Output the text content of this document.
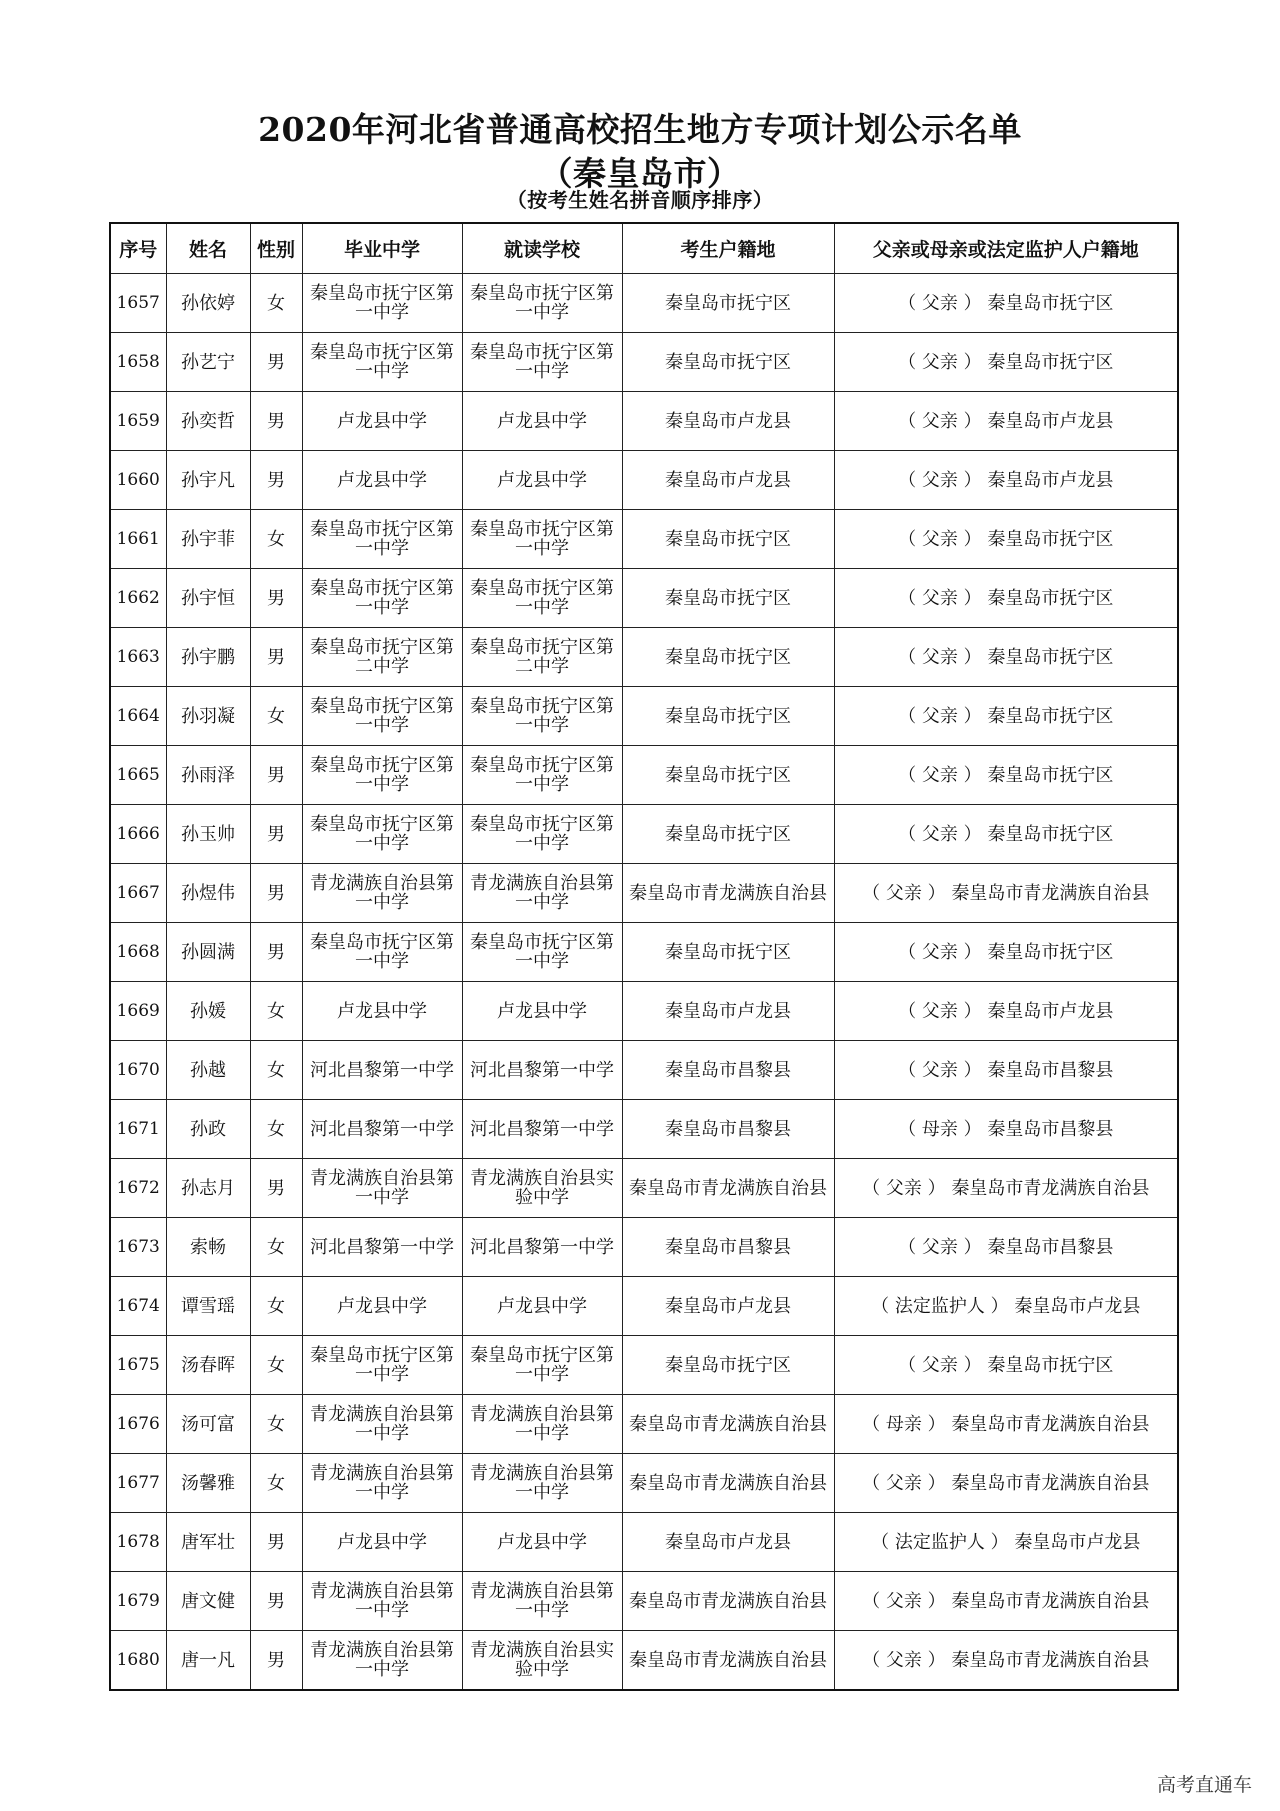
2020年河北省普通高校招生地方专项计划公示名单
（秦皇岛市）
（按考生姓名拼音顺序排序）
序号	姓名	性别	毕业中学	就读学校	考生户籍地	父亲或母亲或法定监护人户籍地
1657	孙依婷	女	秦皇岛市抚宁区第一中学	秦皇岛市抚宁区第一中学	秦皇岛市抚宁区	（ 父亲 ） 秦皇岛市抚宁区
1658	孙艺宁	男	秦皇岛市抚宁区第一中学	秦皇岛市抚宁区第一中学	秦皇岛市抚宁区	（ 父亲 ） 秦皇岛市抚宁区
1659	孙奕哲	男	卢龙县中学	卢龙县中学	秦皇岛市卢龙县	（ 父亲 ） 秦皇岛市卢龙县
1660	孙宇凡	男	卢龙县中学	卢龙县中学	秦皇岛市卢龙县	（ 父亲 ） 秦皇岛市卢龙县
1661	孙宇菲	女	秦皇岛市抚宁区第一中学	秦皇岛市抚宁区第一中学	秦皇岛市抚宁区	（ 父亲 ） 秦皇岛市抚宁区
1662	孙宇恒	男	秦皇岛市抚宁区第一中学	秦皇岛市抚宁区第一中学	秦皇岛市抚宁区	（ 父亲 ） 秦皇岛市抚宁区
1663	孙宇鹏	男	秦皇岛市抚宁区第二中学	秦皇岛市抚宁区第二中学	秦皇岛市抚宁区	（ 父亲 ） 秦皇岛市抚宁区
1664	孙羽凝	女	秦皇岛市抚宁区第一中学	秦皇岛市抚宁区第一中学	秦皇岛市抚宁区	（ 父亲 ） 秦皇岛市抚宁区
1665	孙雨泽	男	秦皇岛市抚宁区第一中学	秦皇岛市抚宁区第一中学	秦皇岛市抚宁区	（ 父亲 ） 秦皇岛市抚宁区
1666	孙玉帅	男	秦皇岛市抚宁区第一中学	秦皇岛市抚宁区第一中学	秦皇岛市抚宁区	（ 父亲 ） 秦皇岛市抚宁区
1667	孙煜伟	男	青龙满族自治县第一中学	青龙满族自治县第一中学	秦皇岛市青龙满族自治县	（ 父亲 ） 秦皇岛市青龙满族自治县
1668	孙圆满	男	秦皇岛市抚宁区第一中学	秦皇岛市抚宁区第一中学	秦皇岛市抚宁区	（ 父亲 ） 秦皇岛市抚宁区
1669	孙媛	女	卢龙县中学	卢龙县中学	秦皇岛市卢龙县	（ 父亲 ） 秦皇岛市卢龙县
1670	孙越	女	河北昌黎第一中学	河北昌黎第一中学	秦皇岛市昌黎县	（ 父亲 ） 秦皇岛市昌黎县
1671	孙政	女	河北昌黎第一中学	河北昌黎第一中学	秦皇岛市昌黎县	（ 母亲 ） 秦皇岛市昌黎县
1672	孙志月	男	青龙满族自治县第一中学	青龙满族自治县实验中学	秦皇岛市青龙满族自治县	（ 父亲 ） 秦皇岛市青龙满族自治县
1673	索畅	女	河北昌黎第一中学	河北昌黎第一中学	秦皇岛市昌黎县	（ 父亲 ） 秦皇岛市昌黎县
1674	谭雪瑶	女	卢龙县中学	卢龙县中学	秦皇岛市卢龙县	（ 法定监护人 ） 秦皇岛市卢龙县
1675	汤春晖	女	秦皇岛市抚宁区第一中学	秦皇岛市抚宁区第一中学	秦皇岛市抚宁区	（ 父亲 ） 秦皇岛市抚宁区
1676	汤可富	女	青龙满族自治县第一中学	青龙满族自治县第一中学	秦皇岛市青龙满族自治县	（ 母亲 ） 秦皇岛市青龙满族自治县
1677	汤馨雅	女	青龙满族自治县第一中学	青龙满族自治县第一中学	秦皇岛市青龙满族自治县	（ 父亲 ） 秦皇岛市青龙满族自治县
1678	唐军壮	男	卢龙县中学	卢龙县中学	秦皇岛市卢龙县	（ 法定监护人 ） 秦皇岛市卢龙县
1679	唐文健	男	青龙满族自治县第一中学	青龙满族自治县第一中学	秦皇岛市青龙满族自治县	（ 父亲 ） 秦皇岛市青龙满族自治县
1680	唐一凡	男	青龙满族自治县第一中学	青龙满族自治县实验中学	秦皇岛市青龙满族自治县	（ 父亲 ） 秦皇岛市青龙满族自治县
高考直通车
